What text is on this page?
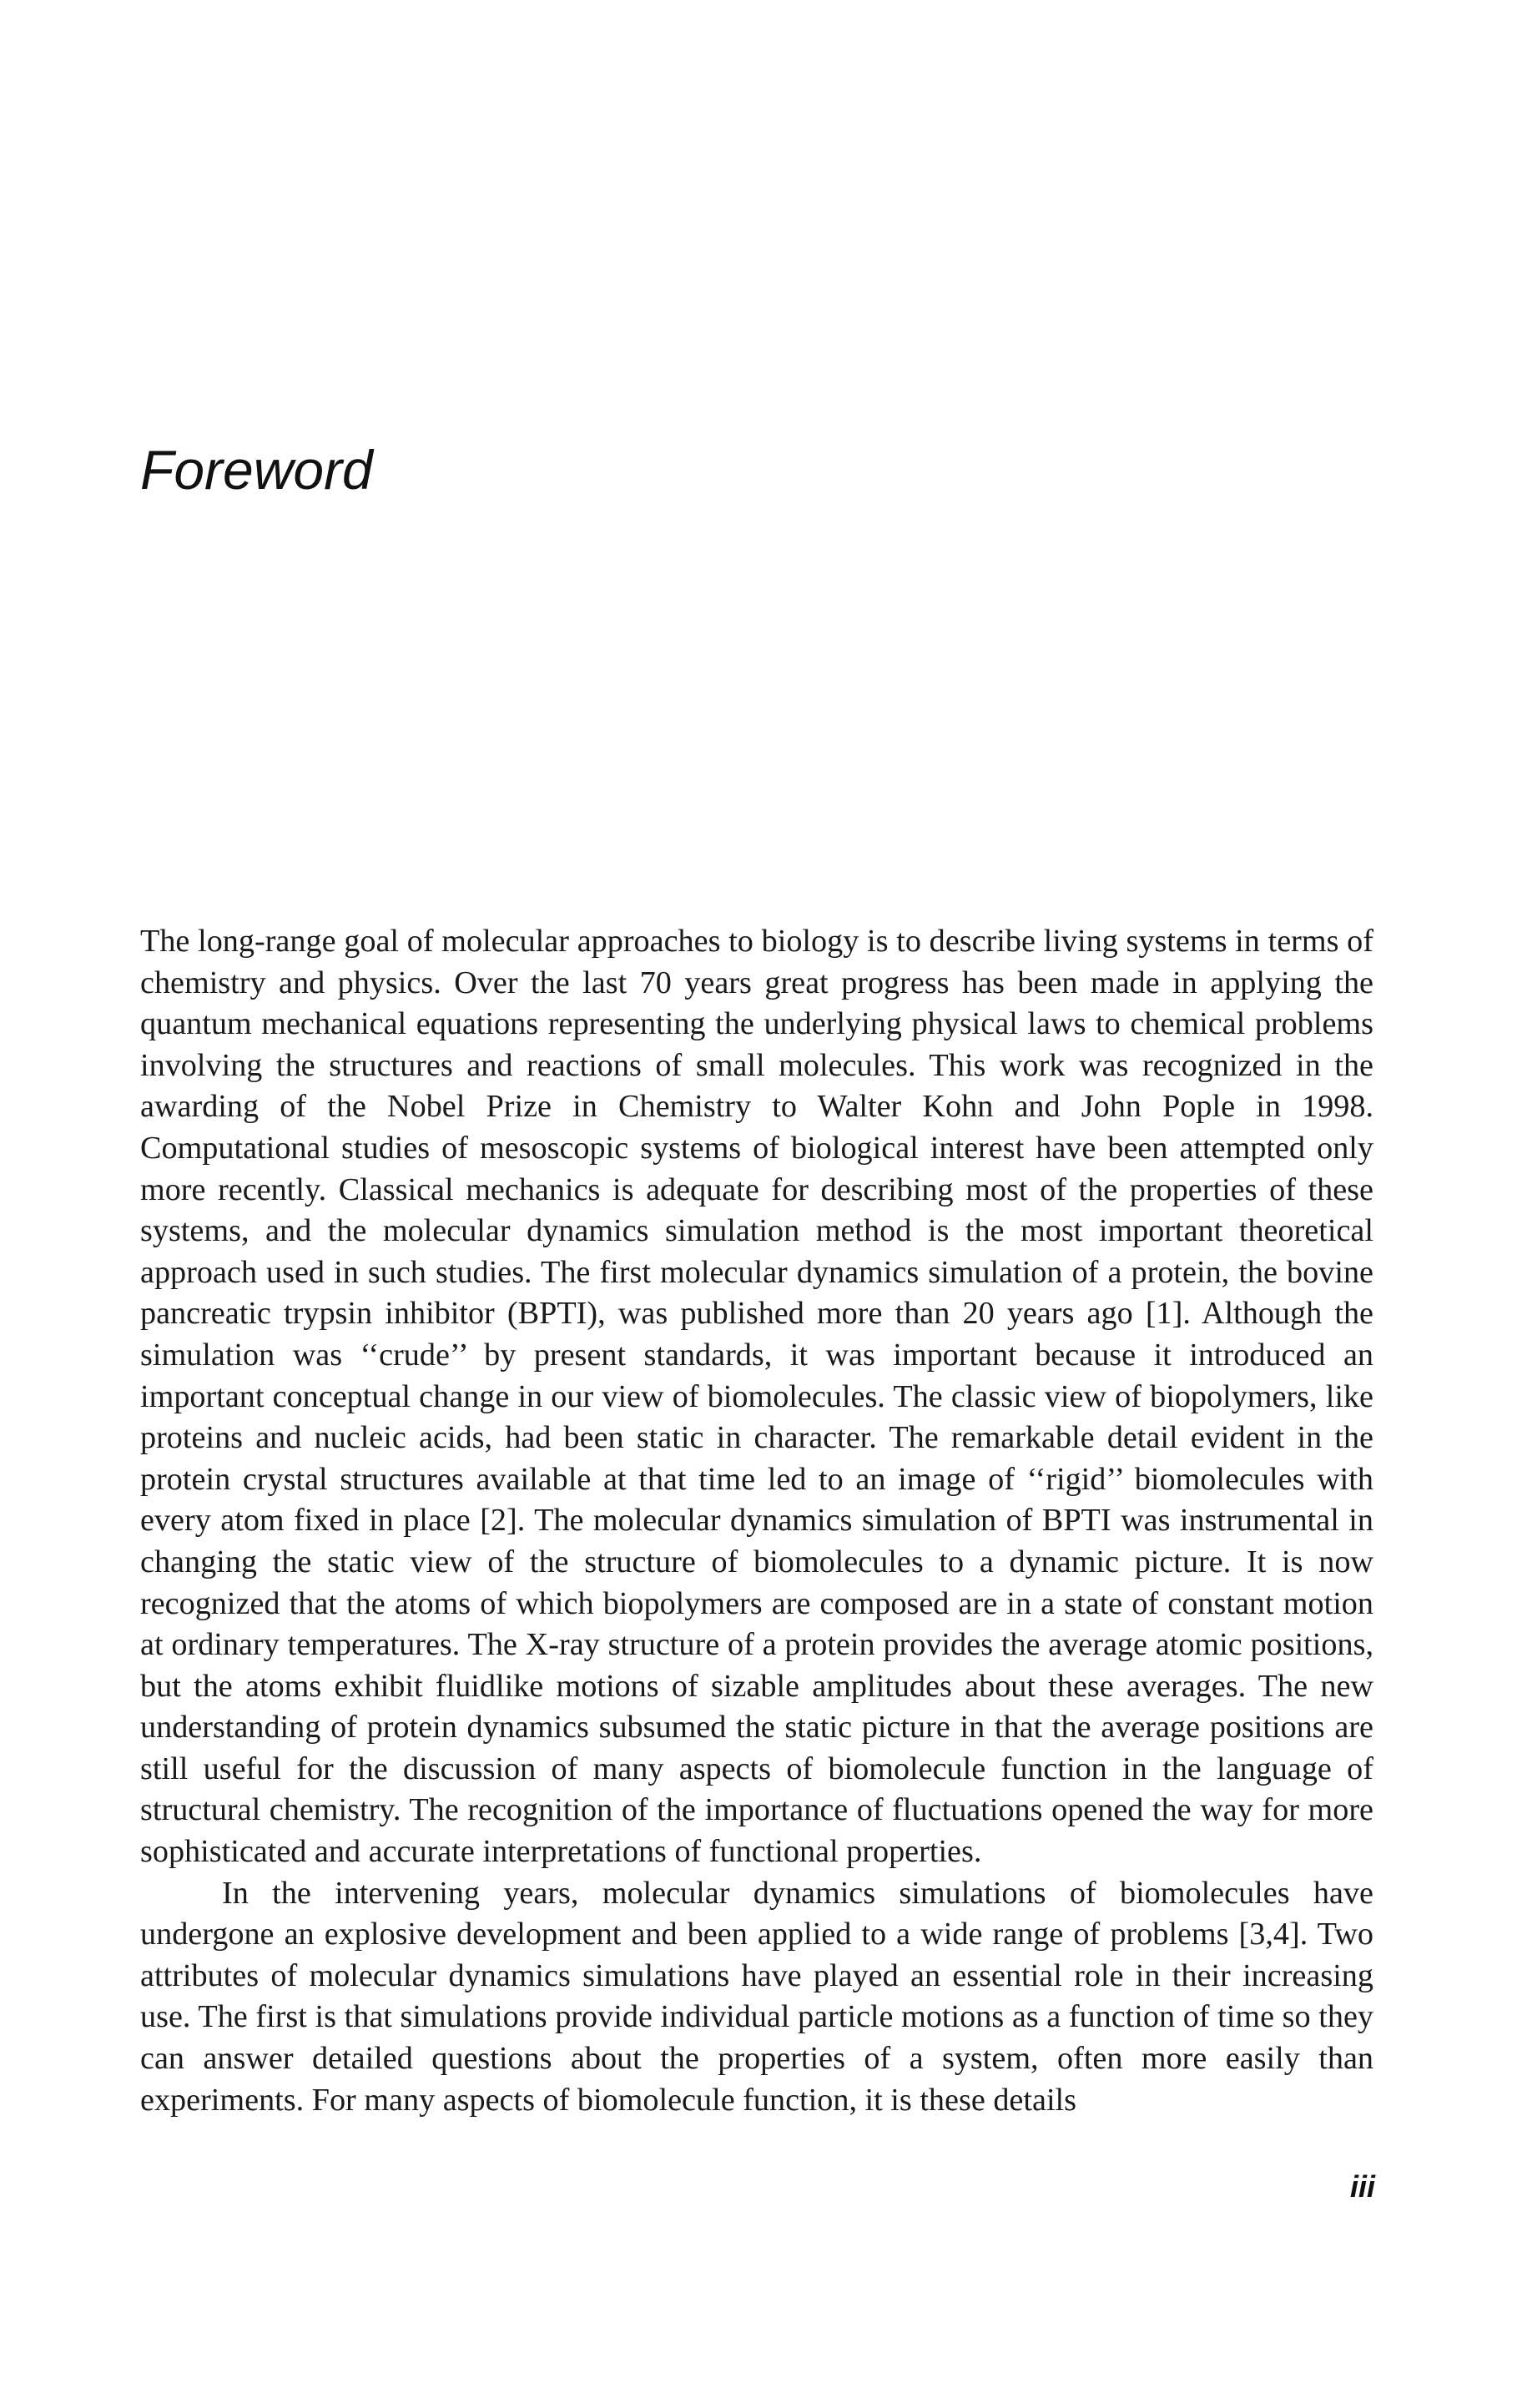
Foreword

The long-range goal of molecular approaches to biology is to describe living systems in terms of chemistry and physics. Over the last 70 years great progress has been made in applying the quantum mechanical equations representing the underlying physical laws to chemical problems involving the structures and reactions of small molecules. This work was recognized in the awarding of the Nobel Prize in Chemistry to Walter Kohn and John Pople in 1998. Computational studies of mesoscopic systems of biological interest have been attempted only more recently. Classical mechanics is adequate for describing most of the properties of these systems, and the molecular dynamics simulation method is the most important theoretical approach used in such studies. The first molecular dynamics simulation of a protein, the bovine pancreatic trypsin inhibitor (BPTI), was published more than 20 years ago [1]. Although the simulation was ‘‘crude’’ by present standards, it was important because it introduced an important conceptual change in our view of biomolecules. The classic view of biopolymers, like proteins and nucleic acids, had been static in character. The remarkable detail evident in the protein crystal structures available at that time led to an image of ‘‘rigid’’ biomolecules with every atom fixed in place [2]. The molecular dynamics simulation of BPTI was instrumental in changing the static view of the structure of biomolecules to a dynamic picture. It is now recognized that the atoms of which biopolymers are composed are in a state of constant motion at ordinary temperatures. The X-ray structure of a protein provides the average atomic positions, but the atoms exhibit fluidlike motions of sizable amplitudes about these averages. The new understanding of protein dynamics subsumed the static picture in that the average positions are still useful for the discussion of many aspects of biomolecule function in the language of structural chemistry. The recognition of the importance of fluctuations opened the way for more sophisticated and accurate interpretations of functional properties.

In the intervening years, molecular dynamics simulations of biomolecules have undergone an explosive development and been applied to a wide range of problems [3,4]. Two attributes of molecular dynamics simulations have played an essential role in their increasing use. The first is that simulations provide individual particle motions as a function of time so they can answer detailed questions about the properties of a system, often more easily than experiments. For many aspects of biomolecule function, it is these details

iii
